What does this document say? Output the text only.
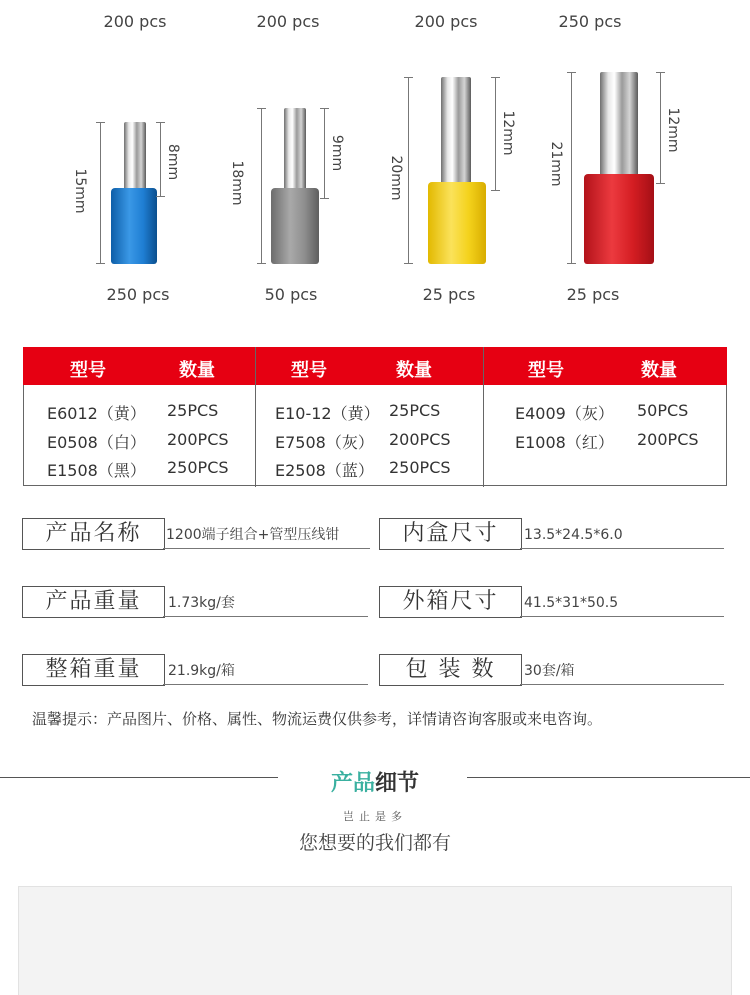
200 pcs
15mm
8mm
250 pcs
200 pcs
18mm
9mm
50 pcs
200 pcs
20mm
12mm
25 pcs
250 pcs
21mm
12mm
25 pcs
型号	数量	型号	数量	型号	数量
E6012（黄） 25PCS
E0508（白） 200PCS
E1508（黑） 250PCS
E10-12（黄） 25PCS
E7508（灰） 200PCS
E2508（蓝） 250PCS
E4009（灰） 50PCS
E1008（红） 200PCS
产品名称	1200端子组合+管型压线钳	内盒尺寸	13.5*24.5*6.0
产品重量	1.73kg/套	外箱尺寸	41.5*31*50.5
整箱重量	21.9kg/箱	包 装 数	30套/箱
温馨提示：产品图片、价格、属性、物流运费仅供参考，详情请咨询客服或来电咨询。
产品细节
岂止是多
您想要的我们都有
